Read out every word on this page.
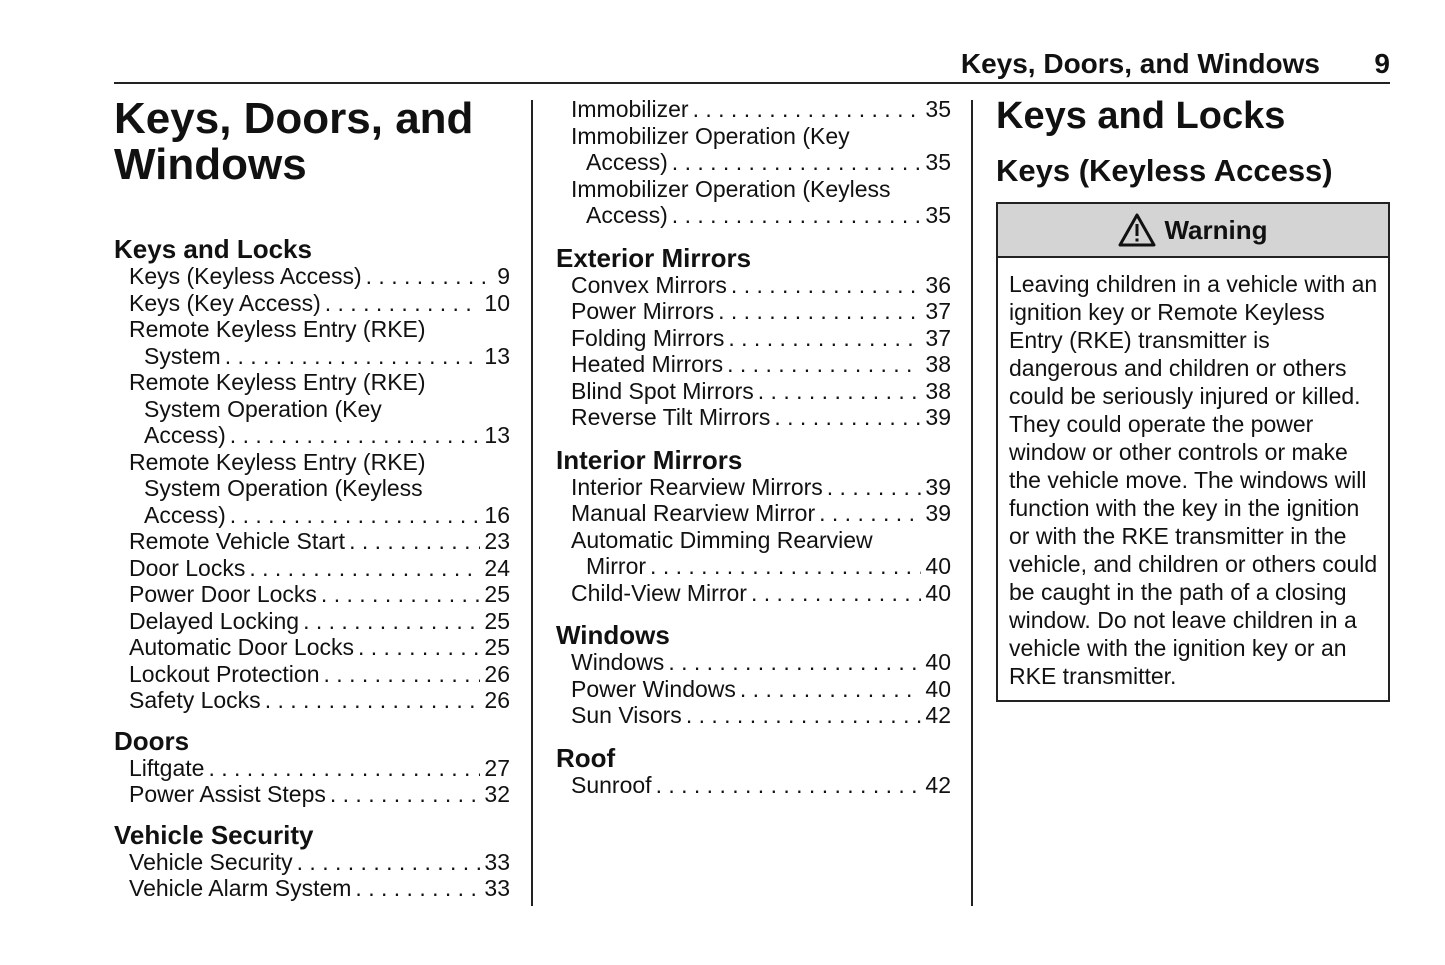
Keys, Doors, and Windows 9
Keys, Doors, and
Windows
Keys and Locks
Keys (Keyless Access) . . .	9
Keys (Key Access) . . .	10
Remote Keyless Entry (RKE)
System . . .	13
Remote Keyless Entry (RKE)
System Operation (Key
Access) . . .	13
Remote Keyless Entry (RKE)
System Operation (Keyless
Access) . . .	16
Remote Vehicle Start . . .	23
Door Locks . . .	24
Power Door Locks . . .	25
Delayed Locking . . .	25
Automatic Door Locks . . .	25
Lockout Protection . . .	26
Safety Locks . . .	26
Doors
Liftgate . . .	27
Power Assist Steps . . .	32
Vehicle Security
Vehicle Security . . .	33
Vehicle Alarm System . . .	33
Immobilizer . . .	35
Immobilizer Operation (Key
Access) . . .	35
Immobilizer Operation (Keyless
Access) . . .	35
Exterior Mirrors
Convex Mirrors . . .	36
Power Mirrors . . .	37
Folding Mirrors . . .	37
Heated Mirrors . . .	38
Blind Spot Mirrors . . .	38
Reverse Tilt Mirrors . . .	39
Interior Mirrors
Interior Rearview Mirrors . . .	39
Manual Rearview Mirror . . .	39
Automatic Dimming Rearview
Mirror . . .	40
Child-View Mirror . . .	40
Windows
Windows . . .	40
Power Windows . . .	40
Sun Visors . . .	42
Roof
Sunroof . . .	42
Keys and Locks
Keys (Keyless Access)
Warning
Leaving children in a vehicle with an ignition key or Remote Keyless Entry (RKE) transmitter is dangerous and children or others could be seriously injured or killed. They could operate the power window or other controls or make the vehicle move. The windows will function with the key in the ignition or with the RKE transmitter in the vehicle, and children or others could be caught in the path of a closing window. Do not leave children in a vehicle with the ignition key or an RKE transmitter.
